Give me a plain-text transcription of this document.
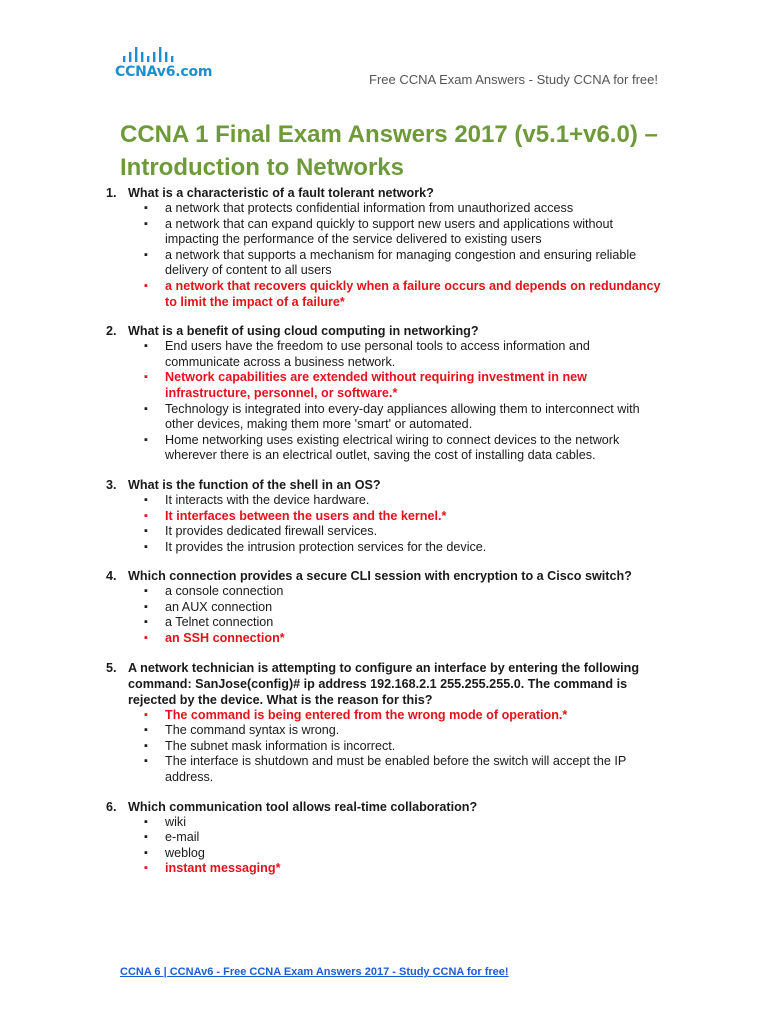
CCNAv6.com	Free CCNA Exam Answers - Study CCNA for free!
CCNA 1 Final Exam Answers 2017 (v5.1+v6.0) – Introduction to Networks
1. What is a characteristic of a fault tolerant network?
▪ a network that protects confidential information from unauthorized access
▪ a network that can expand quickly to support new users and applications without impacting the performance of the service delivered to existing users
▪ a network that supports a mechanism for managing congestion and ensuring reliable delivery of content to all users
▪ a network that recovers quickly when a failure occurs and depends on redundancy to limit the impact of a failure*
2. What is a benefit of using cloud computing in networking?
▪ End users have the freedom to use personal tools to access information and communicate across a business network.
▪ Network capabilities are extended without requiring investment in new infrastructure, personnel, or software.*
▪ Technology is integrated into every-day appliances allowing them to interconnect with other devices, making them more 'smart' or automated.
▪ Home networking uses existing electrical wiring to connect devices to the network wherever there is an electrical outlet, saving the cost of installing data cables.
3. What is the function of the shell in an OS?
▪ It interacts with the device hardware.
▪ It interfaces between the users and the kernel.*
▪ It provides dedicated firewall services.
▪ It provides the intrusion protection services for the device.
4. Which connection provides a secure CLI session with encryption to a Cisco switch?
▪ a console connection
▪ an AUX connection
▪ a Telnet connection
▪ an SSH connection*
5. A network technician is attempting to configure an interface by entering the following command: SanJose(config)# ip address 192.168.2.1 255.255.255.0. The command is rejected by the device. What is the reason for this?
▪ The command is being entered from the wrong mode of operation.*
▪ The command syntax is wrong.
▪ The subnet mask information is incorrect.
▪ The interface is shutdown and must be enabled before the switch will accept the IP address.
6. Which communication tool allows real-time collaboration?
▪ wiki
▪ e-mail
▪ weblog
▪ instant messaging*
CCNA 6 | CCNAv6 - Free CCNA Exam Answers 2017 - Study CCNA for free!
